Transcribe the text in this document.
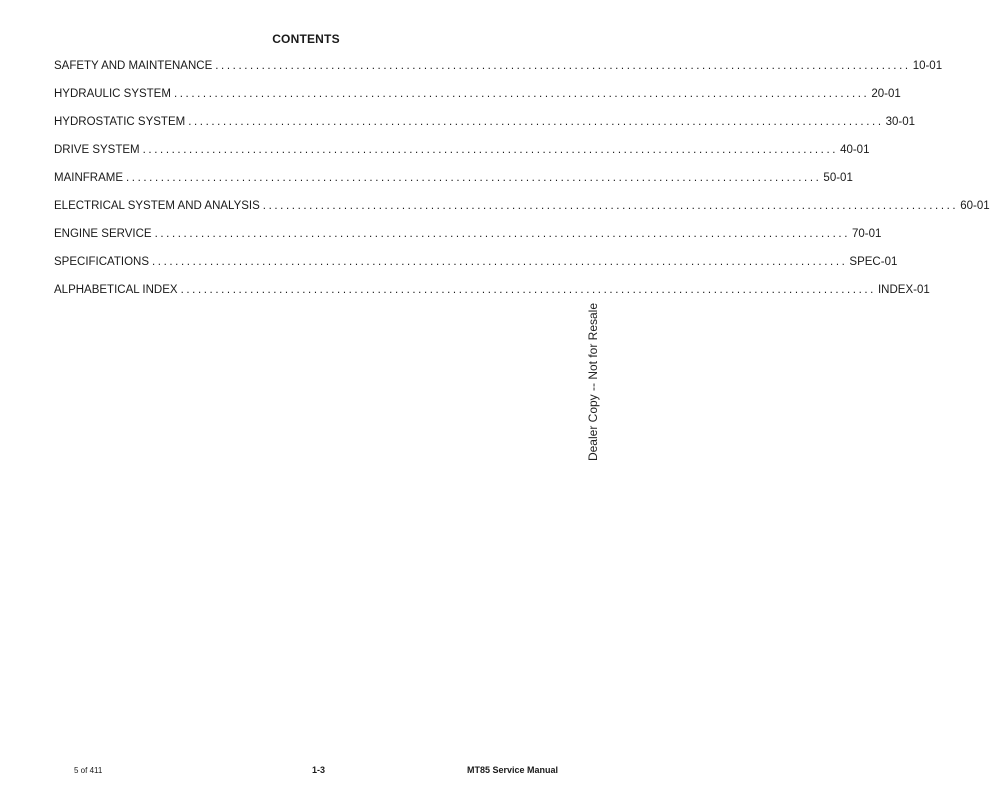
CONTENTS
SAFETY AND MAINTENANCE ........................................................................................................................ 10-01
HYDRAULIC SYSTEM ........................................................................................................................ 20-01
HYDROSTATIC SYSTEM ........................................................................................................................ 30-01
DRIVE SYSTEM ........................................................................................................................ 40-01
MAINFRAME ........................................................................................................................ 50-01
ELECTRICAL SYSTEM AND ANALYSIS ........................................................................................................................ 60-01
ENGINE SERVICE ........................................................................................................................ 70-01
SPECIFICATIONS ........................................................................................................................ SPEC-01
ALPHABETICAL INDEX ........................................................................................................................ INDEX-01
Dealer Copy -- Not for Resale
5 of 411	1-3	MT85 Service Manual
